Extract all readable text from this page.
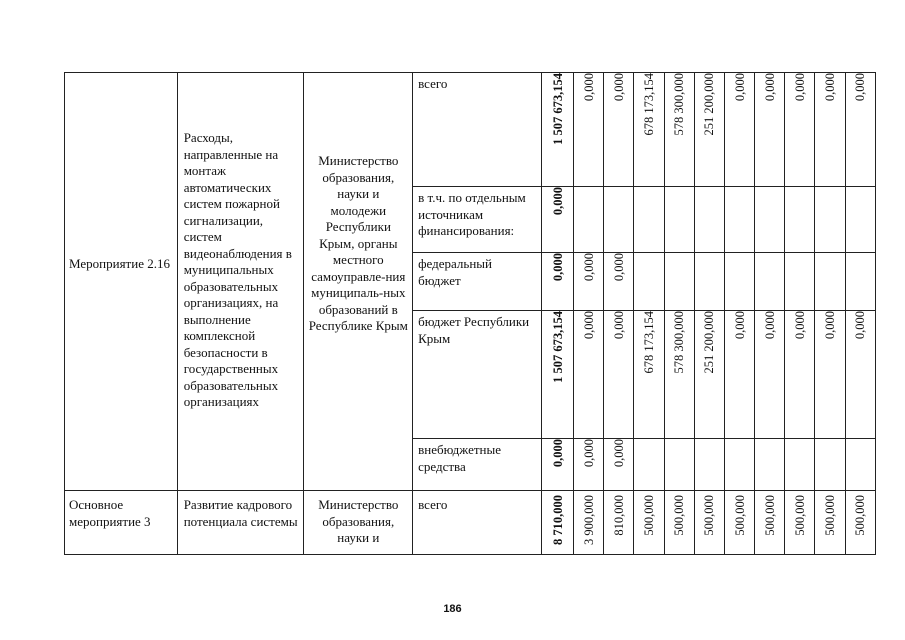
Мероприятие 2.16	Расходы, направленные на монтаж автоматических систем пожарной сигнализации, систем видеонаблюдения в муниципальных образовательных организациях, на выполнение комплексной безопасности в государственных образовательных организациях	Министерство образования, науки и молодежи Республики Крым, органы местного самоуправле-ния муниципаль-ных образований в Республике Крым	всего	1 507 673,154	0,000	0,000	678 173,154	578 300,000	251 200,000	0,000	0,000	0,000	0,000	0,000

			в т.ч. по отдельным источникам финансирования:	0,000										

			федеральный бюджет	0,000	0,000	0,000								

			бюджет Республики Крым	1 507 673,154	0,000	0,000	678 173,154	578 300,000	251 200,000	0,000	0,000	0,000	0,000	0,000

			внебюджетные средства	0,000	0,000	0,000								

Основное мероприятие 3	Развитие кадрового потенциала системы	Министерство образования, науки и	всего	8 710,000	3 900,000	810,000	500,000	500,000	500,000	500,000	500,000	500,000	500,000	500,000
186
